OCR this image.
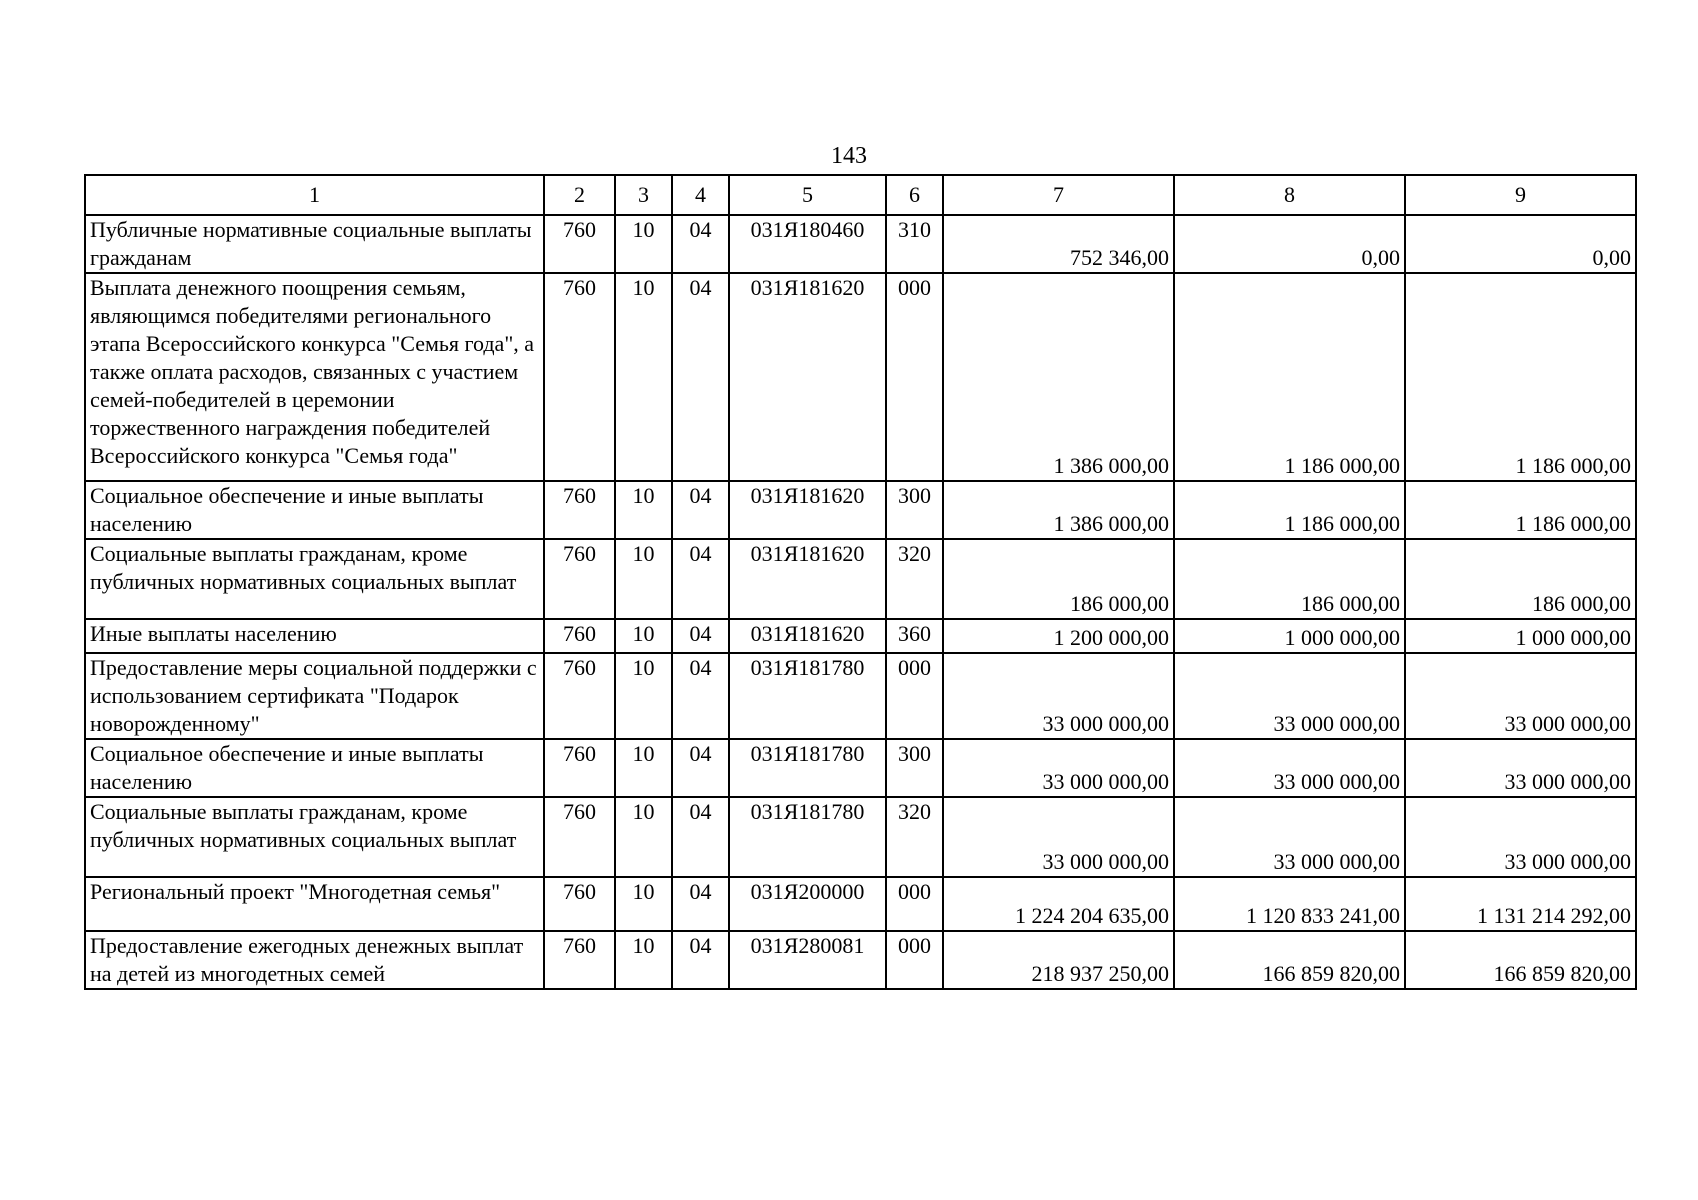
143
1	2	3	4	5	6	7	8	9
Публичные нормативные социальные выплаты гражданам	760	10	04	031Я180460	310	752 346,00	0,00	0,00
Выплата денежного поощрения семьям, являющимся победителями регионального этапа Всероссийского конкурса "Семья года", а также оплата расходов, связанных с участием семей-победителей в церемонии торжественного награждения победителей Всероссийского конкурса "Семья года"	760	10	04	031Я181620	000	1 386 000,00	1 186 000,00	1 186 000,00
Социальное обеспечение и иные выплаты населению	760	10	04	031Я181620	300	1 386 000,00	1 186 000,00	1 186 000,00
Социальные выплаты гражданам, кроме публичных нормативных социальных выплат	760	10	04	031Я181620	320	186 000,00	186 000,00	186 000,00
Иные выплаты населению	760	10	04	031Я181620	360	1 200 000,00	1 000 000,00	1 000 000,00
Предоставление меры социальной поддержки с использованием сертификата "Подарок новорожденному"	760	10	04	031Я181780	000	33 000 000,00	33 000 000,00	33 000 000,00
Социальное обеспечение и иные выплаты населению	760	10	04	031Я181780	300	33 000 000,00	33 000 000,00	33 000 000,00
Социальные выплаты гражданам, кроме публичных нормативных социальных выплат	760	10	04	031Я181780	320	33 000 000,00	33 000 000,00	33 000 000,00
Региональный проект "Многодетная семья"	760	10	04	031Я200000	000	1 224 204 635,00	1 120 833 241,00	1 131 214 292,00
Предоставление ежегодных денежных выплат на детей из многодетных семей	760	10	04	031Я280081	000	218 937 250,00	166 859 820,00	166 859 820,00
